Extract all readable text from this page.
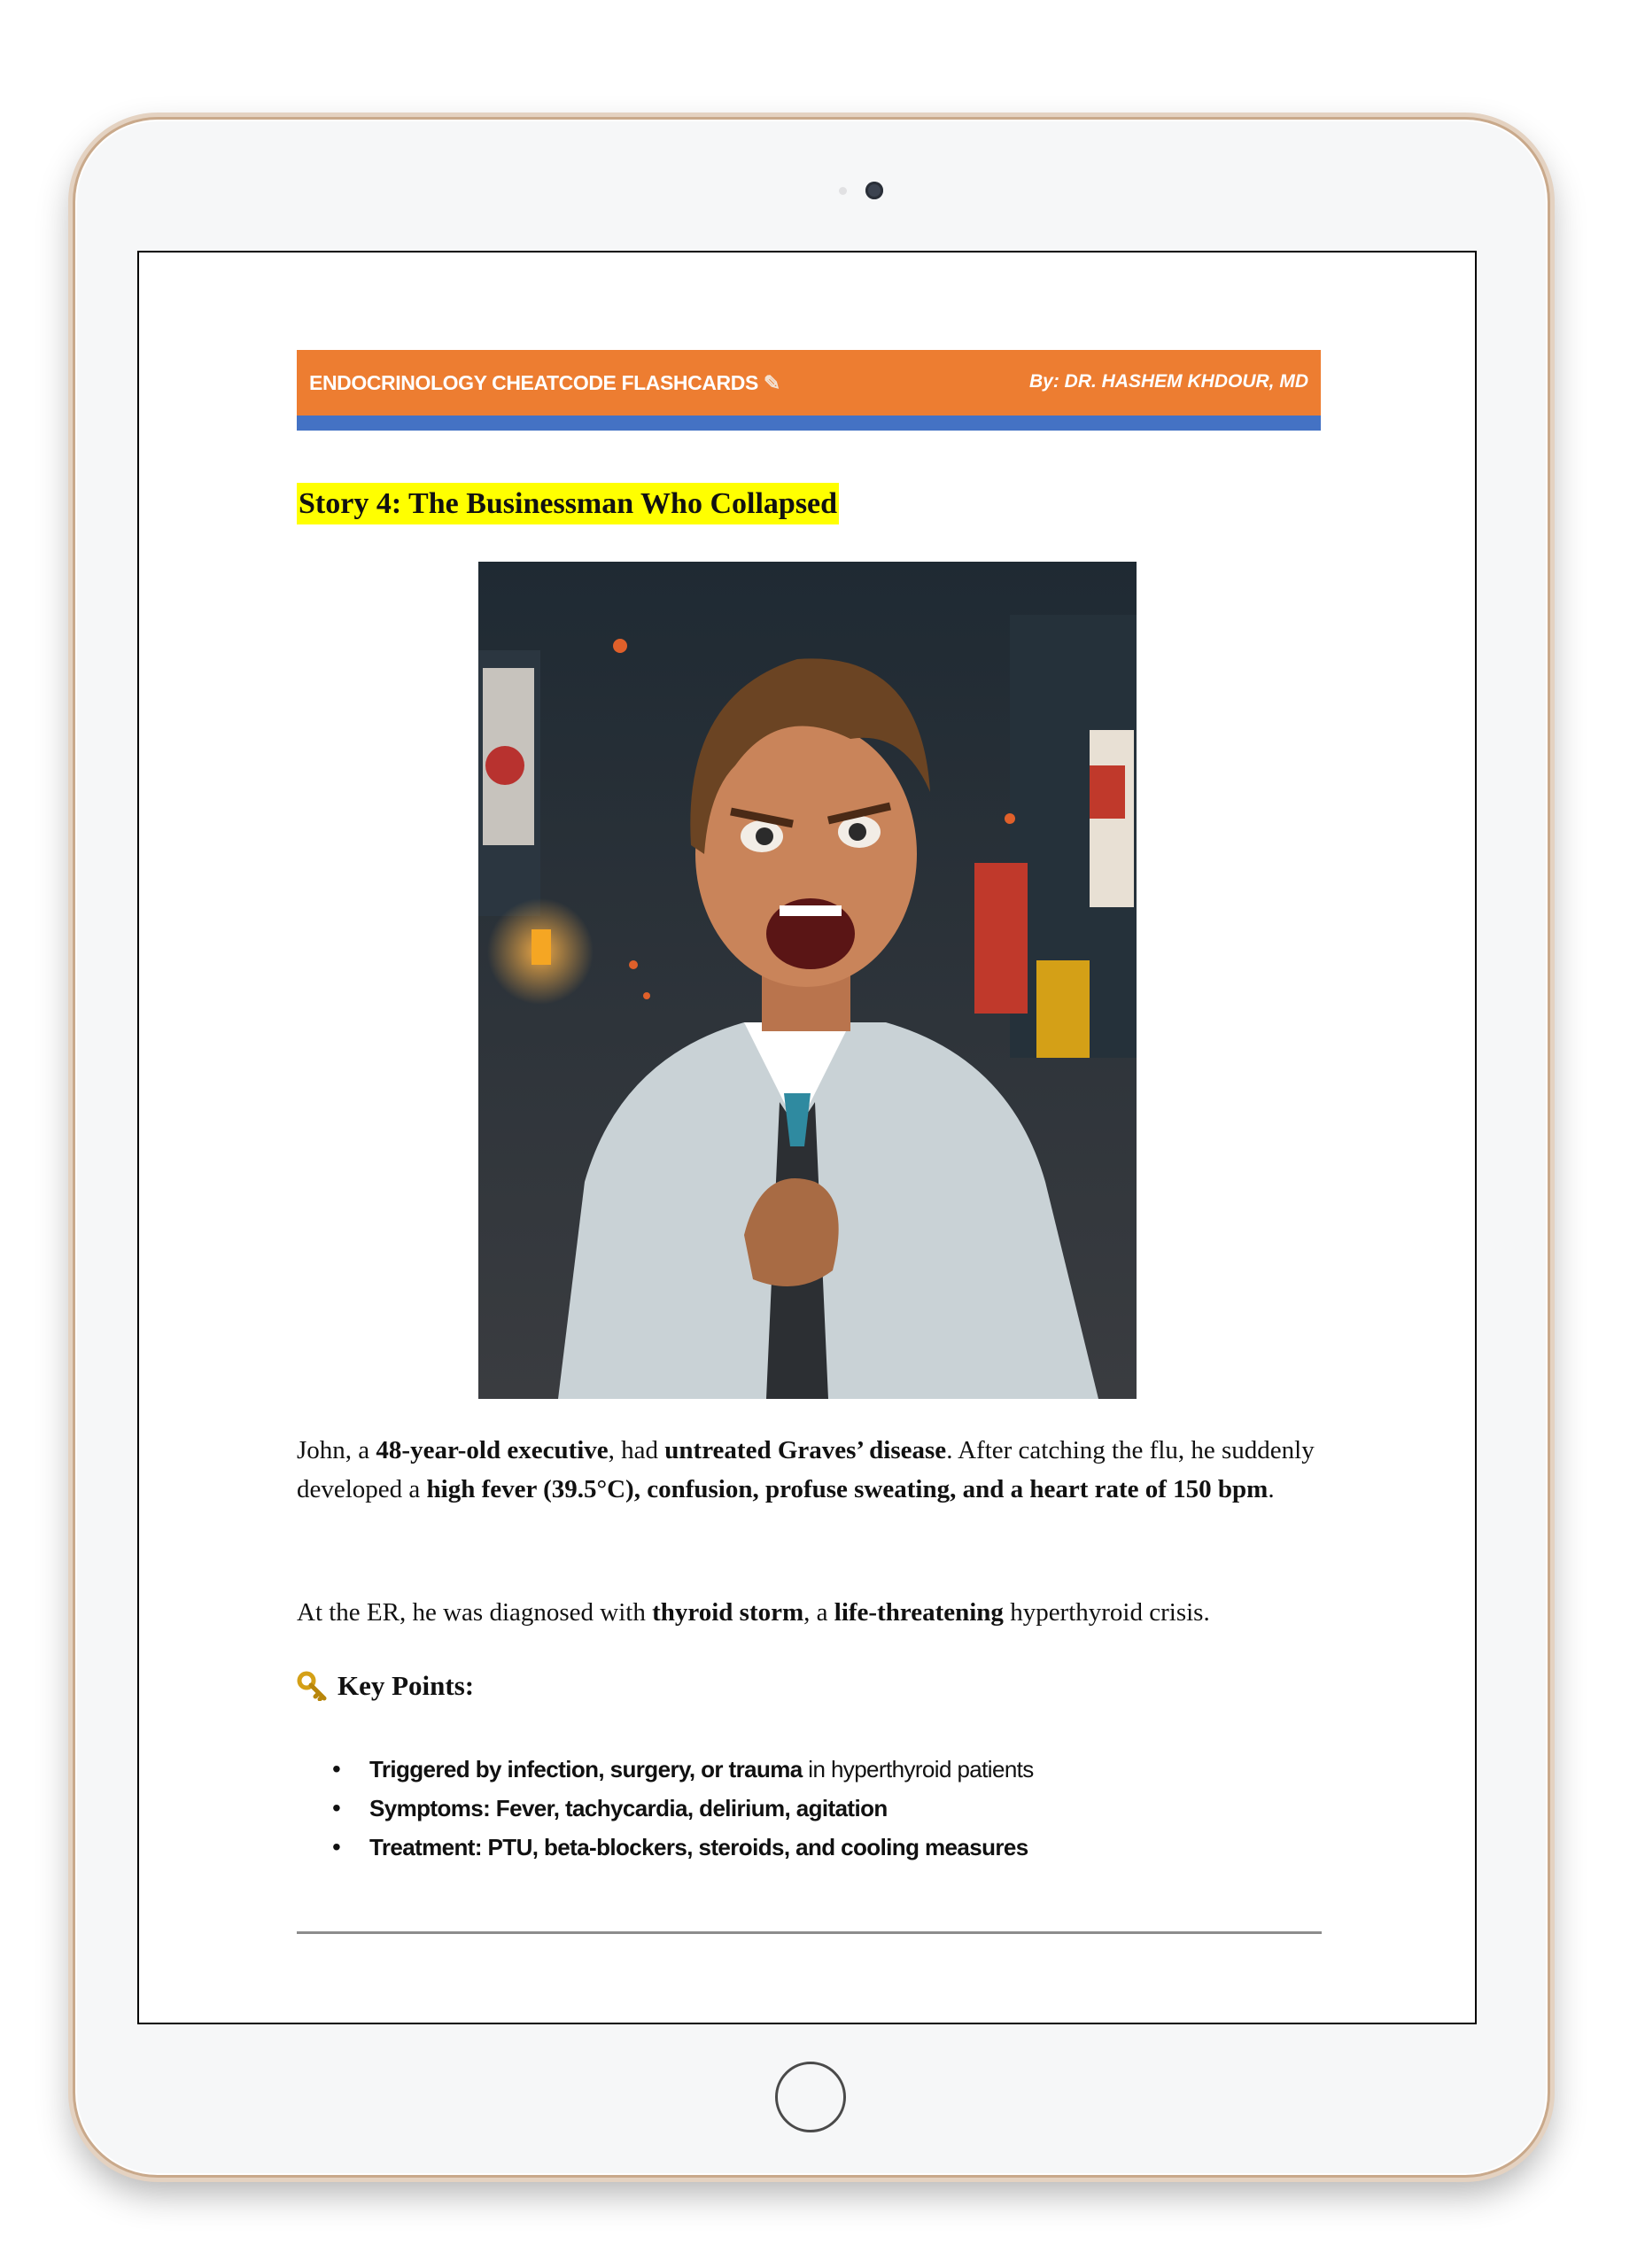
ENDOCRINOLOGY CHEATCODE FLASHCARDS ✎	By: DR. HASHEM KHDOUR, MD
Story 4: The Businessman Who Collapsed

John, a 48-year-old executive, had untreated Graves’ disease. After catching the flu, he suddenly developed a high fever (39.5°C), confusion, profuse sweating, and a heart rate of 150 bpm.

At the ER, he was diagnosed with thyroid storm, a life-threatening hyperthyroid crisis.

Key Points:
• Triggered by infection, surgery, or trauma in hyperthyroid patients
• Symptoms: Fever, tachycardia, delirium, agitation
• Treatment: PTU, beta-blockers, steroids, and cooling measures
